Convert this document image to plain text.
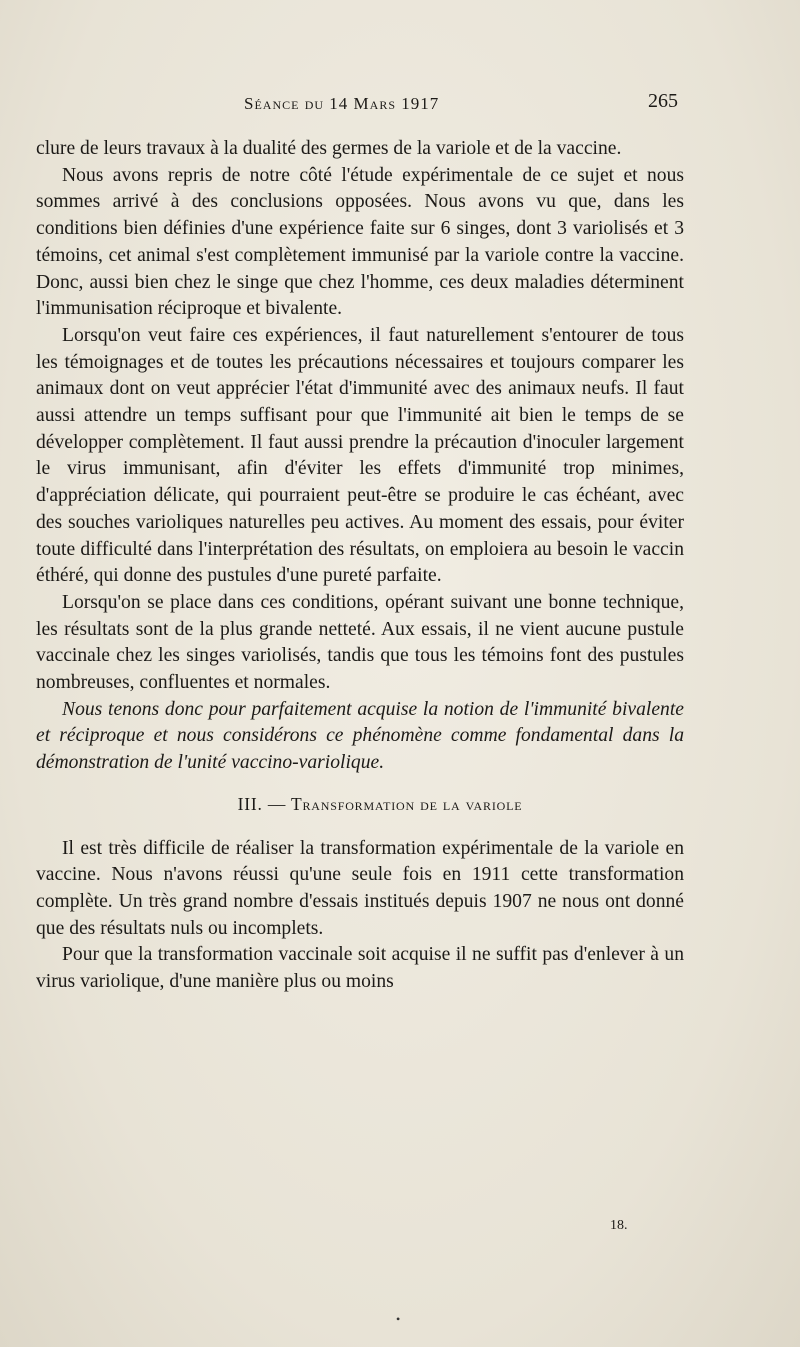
Séance du 14 Mars 1917	265

clure de leurs travaux à la dualité des germes de la variole et de la vaccine.

Nous avons repris de notre côté l'étude expérimentale de ce sujet et nous sommes arrivé à des conclusions opposées. Nous avons vu que, dans les conditions bien définies d'une expérience faite sur 6 singes, dont 3 variolisés et 3 témoins, cet animal s'est complètement immunisé par la variole contre la vaccine. Donc, aussi bien chez le singe que chez l'homme, ces deux maladies déterminent l'immunisation réciproque et bivalente.

Lorsqu'on veut faire ces expériences, il faut naturellement s'entourer de tous les témoignages et de toutes les précautions nécessaires et toujours comparer les animaux dont on veut apprécier l'état d'immunité avec des animaux neufs. Il faut aussi attendre un temps suffisant pour que l'immunité ait bien le temps de se développer complètement. Il faut aussi prendre la précaution d'inoculer largement le virus immunisant, afin d'éviter les effets d'immunité trop minimes, d'appréciation délicate, qui pourraient peut-être se produire le cas échéant, avec des souches varioliques naturelles peu actives. Au moment des essais, pour éviter toute difficulté dans l'interprétation des résultats, on emploiera au besoin le vaccin éthéré, qui donne des pustules d'une pureté parfaite.

Lorsqu'on se place dans ces conditions, opérant suivant une bonne technique, les résultats sont de la plus grande netteté. Aux essais, il ne vient aucune pustule vaccinale chez les singes variolisés, tandis que tous les témoins font des pustules nombreuses, confluentes et normales.

Nous tenons donc pour parfaitement acquise la notion de l'immunité bivalente et réciproque et nous considérons ce phénomène comme fondamental dans la démonstration de l'unité vaccino-variolique.

III. — Transformation de la variole

Il est très difficile de réaliser la transformation expérimentale de la variole en vaccine. Nous n'avons réussi qu'une seule fois en 1911 cette transformation complète. Un très grand nombre d'essais institués depuis 1907 ne nous ont donné que des résultats nuls ou incomplets.

Pour que la transformation vaccinale soit acquise il ne suffit pas d'enlever à un virus variolique, d'une manière plus ou moins

18.
•
